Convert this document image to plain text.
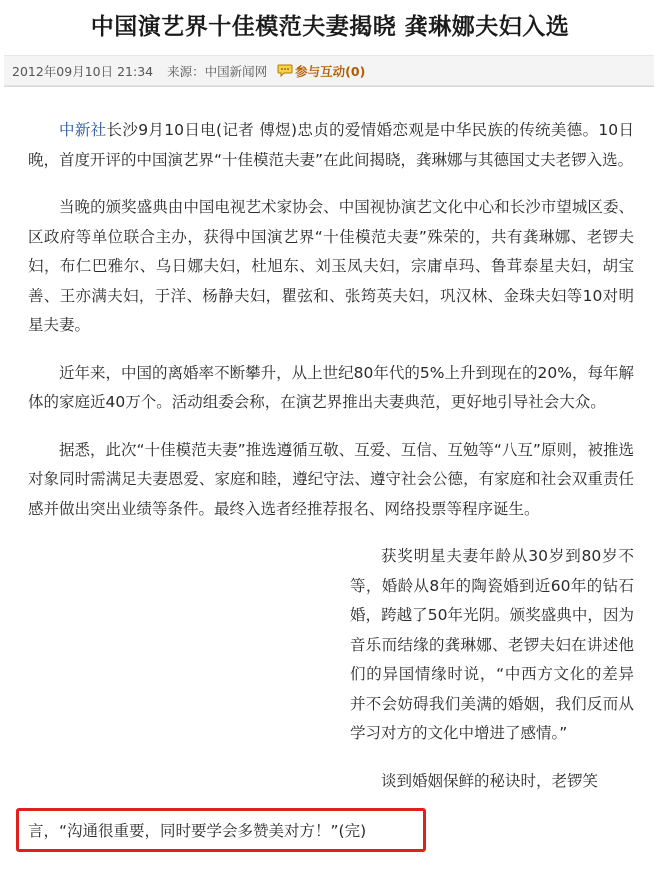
中国演艺界十佳模范夫妻揭晓 龚琳娜夫妇入选
2012年09月10日 21:34 来源： 中国新闻网 参与互动(0)

中新社长沙9月10日电(记者 傅煜)忠贞的爱情婚恋观是中华民族的传统美德。10日晚，首度开评的中国演艺界“十佳模范夫妻”在此间揭晓，龚琳娜与其德国丈夫老锣入选。

当晚的颁奖盛典由中国电视艺术家协会、中国视协演艺文化中心和长沙市望城区委、区政府等单位联合主办，获得中国演艺界“十佳模范夫妻”殊荣的，共有龚琳娜、老锣夫妇，布仁巴雅尔、乌日娜夫妇，杜旭东、刘玉凤夫妇，宗庸卓玛、鲁茸泰星夫妇，胡宝善、王亦满夫妇，于洋、杨静夫妇，瞿弦和、张筠英夫妇，巩汉林、金珠夫妇等10对明星夫妻。

近年来，中国的离婚率不断攀升，从上世纪80年代的5%上升到现在的20%，每年解体的家庭近40万个。活动组委会称，在演艺界推出夫妻典范，更好地引导社会大众。

据悉，此次“十佳模范夫妻”推选遵循互敬、互爱、互信、互勉等“八互”原则，被推选对象同时需满足夫妻恩爱、家庭和睦，遵纪守法、遵守社会公德，有家庭和社会双重责任感并做出突出业绩等条件。最终入选者经推荐报名、网络投票等程序诞生。

获奖明星夫妻年龄从30岁到80岁不等，婚龄从8年的陶瓷婚到近60年的钻石婚，跨越了50年光阴。颁奖盛典中，因为音乐而结缘的龚琳娜、老锣夫妇在讲述他们的异国情缘时说，“中西方文化的差异并不会妨碍我们美满的婚姻，我们反而从学习对方的文化中增进了感情。”

谈到婚姻保鲜的秘诀时，老锣笑

言，“沟通很重要，同时要学会多赞美对方！”(完)
